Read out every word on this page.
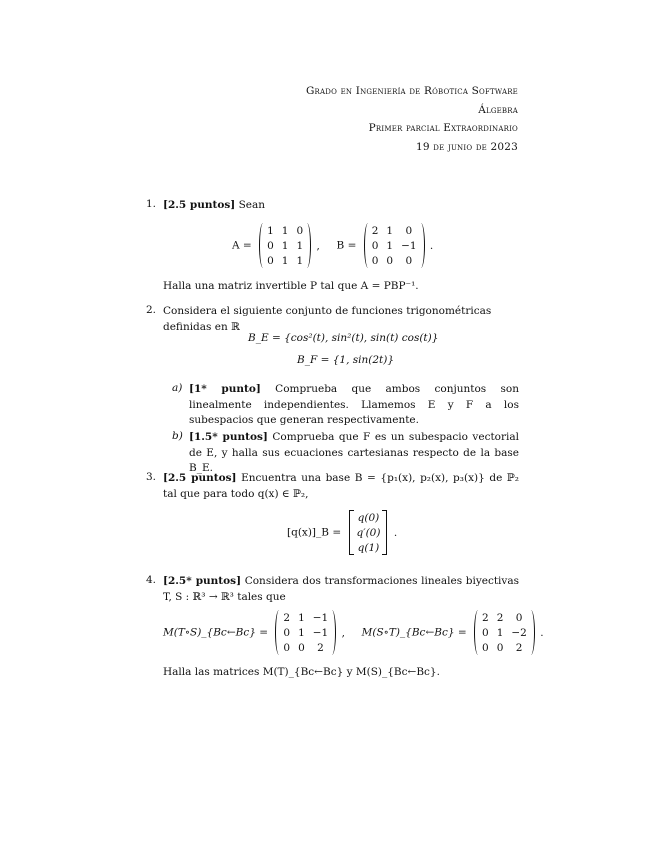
Grado en Ingeniería de Róbotica Software
Álgebra
Primer parcial Extraordinario
19 de junio de 2023
1. [2.5 puntos] Sean
A =
1	1	0
0	1	1
0	1	1
,     B =
2	1	0
0	1	−1
0	0	0
.
Halla una matriz invertible P tal que A = PBP⁻¹.
2. Considera el siguiente conjunto de funciones trigonométricas definidas en ℝ
B_E = {cos²(t), sin²(t), sin(t) cos(t)}
B_F = {1, sin(2t)}
a) [1* punto] Comprueba que ambos conjuntos son linealmente independientes. Llamemos E y F a los subespacios que generan respectivamente.
b) [1.5* puntos] Comprueba que F es un subespacio vectorial de E, y halla sus ecuaciones cartesianas respecto de la base B_E.
3. [2.5 puntos] Encuentra una base B = {p₁(x), p₂(x), p₃(x)} de ℙ₂ tal que para todo q(x) ∈ ℙ₂,
[q(x)]_B =
q(0)
q′(0)
q(1)
.
4. [2.5* puntos] Considera dos transformaciones lineales biyectivas T, S : ℝ³ → ℝ³ tales que
M(T∘S)_{Bc←Bc} =
2	1	−1
0	1	−1
0	0	2
,     M(S∘T)_{Bc←Bc} =
2	2	0
0	1	−2
0	0	2
.
Halla las matrices M(T)_{Bc←Bc} y M(S)_{Bc←Bc}.
